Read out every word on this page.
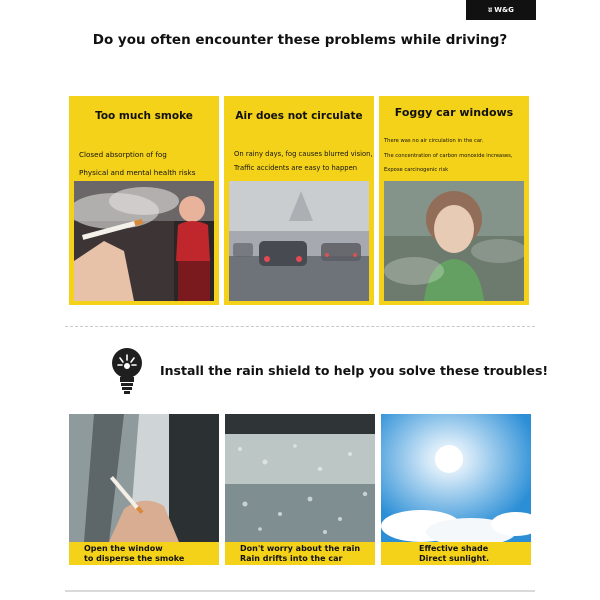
ʬ W&G
Do you often encounter these problems while driving?
Too much smoke
Closed absorption of fog
Physical and mental health risks
Air does not circulate
On rainy days, fog causes blurred vision,
Traffic accidents are easy to happen
Foggy car windows
There was no air circulation in the car.
The concentration of carbon monoxide increases,
Expose carcinogenic risk
Install the rain shield to help you solve these troubles!
Open the window
to disperse the smoke
Don't worry about the rain
Rain drifts into the car
Effective shade
Direct sunlight.
